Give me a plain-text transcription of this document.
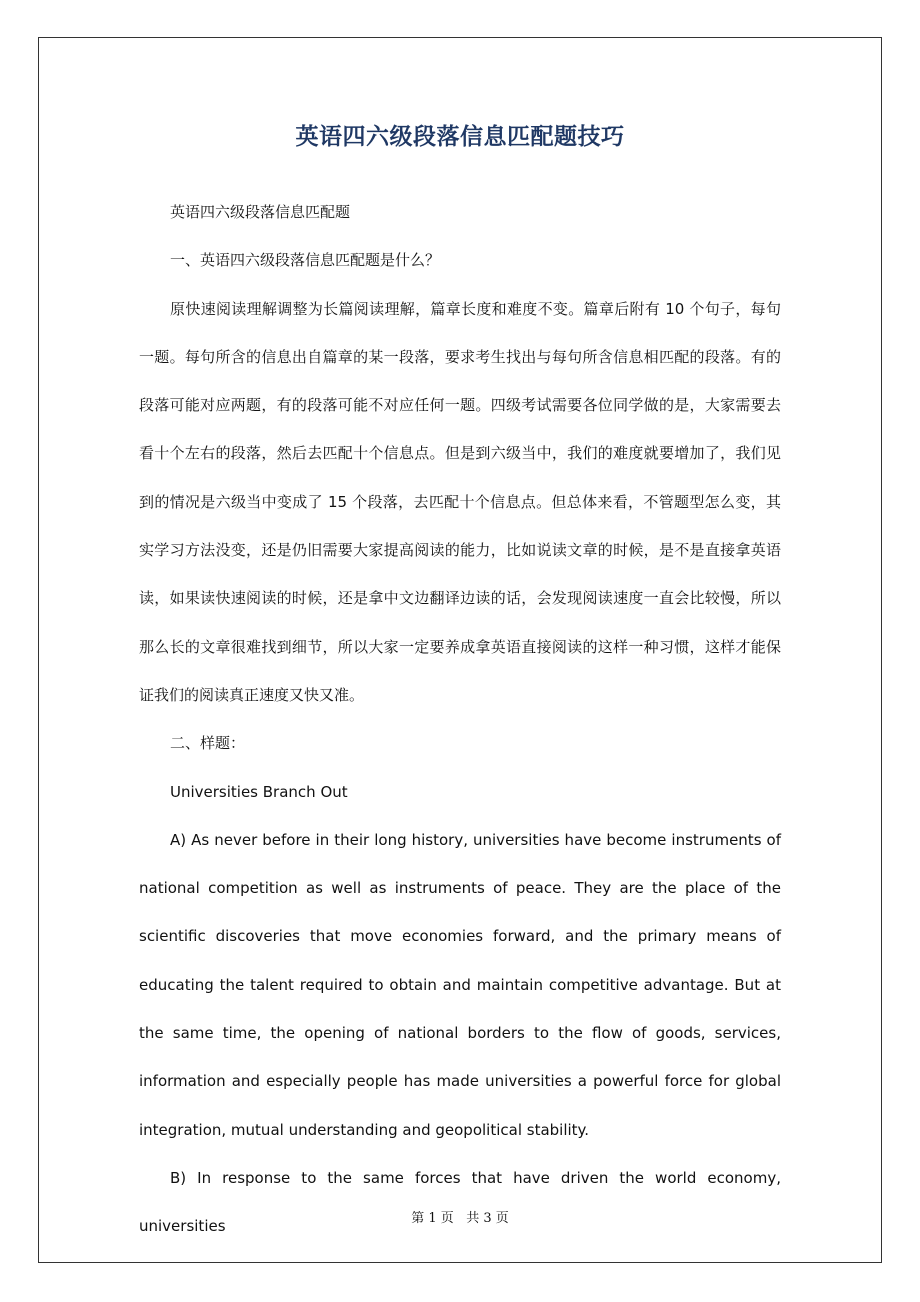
英语四六级段落信息匹配题技巧

英语四六级段落信息匹配题

一、英语四六级段落信息匹配题是什么？

原快速阅读理解调整为长篇阅读理解，篇章长度和难度不变。篇章后附有 10 个句子，每句一题。每句所含的信息出自篇章的某一段落，要求考生找出与每句所含信息相匹配的段落。有的段落可能对应两题，有的段落可能不对应任何一题。四级考试需要各位同学做的是，大家需要去看十个左右的段落，然后去匹配十个信息点。但是到六级当中，我们的难度就要增加了，我们见到的情况是六级当中变成了 15 个段落，去匹配十个信息点。但总体来看，不管题型怎么变，其实学习方法没变，还是仍旧需要大家提高阅读的能力，比如说读文章的时候，是不是直接拿英语读，如果读快速阅读的时候，还是拿中文边翻译边读的话，会发现阅读速度一直会比较慢，所以那么长的文章很难找到细节，所以大家一定要养成拿英语直接阅读的这样一种习惯，这样才能保证我们的阅读真正速度又快又准。

二、样题：

Universities Branch Out

A) As never before in their long history, universities have become instruments of national competition as well as instruments of peace. They are the place of the scientific discoveries that move economies forward, and the primary means of educating the talent required to obtain and maintain competitive advantage. But at the same time, the opening of national borders to the flow of goods, services, information and especially people has made universities a powerful force for global integration, mutual understanding and geopolitical stability.

B) In response to the same forces that have driven the world economy, universities	第 1 页   共 3 页
